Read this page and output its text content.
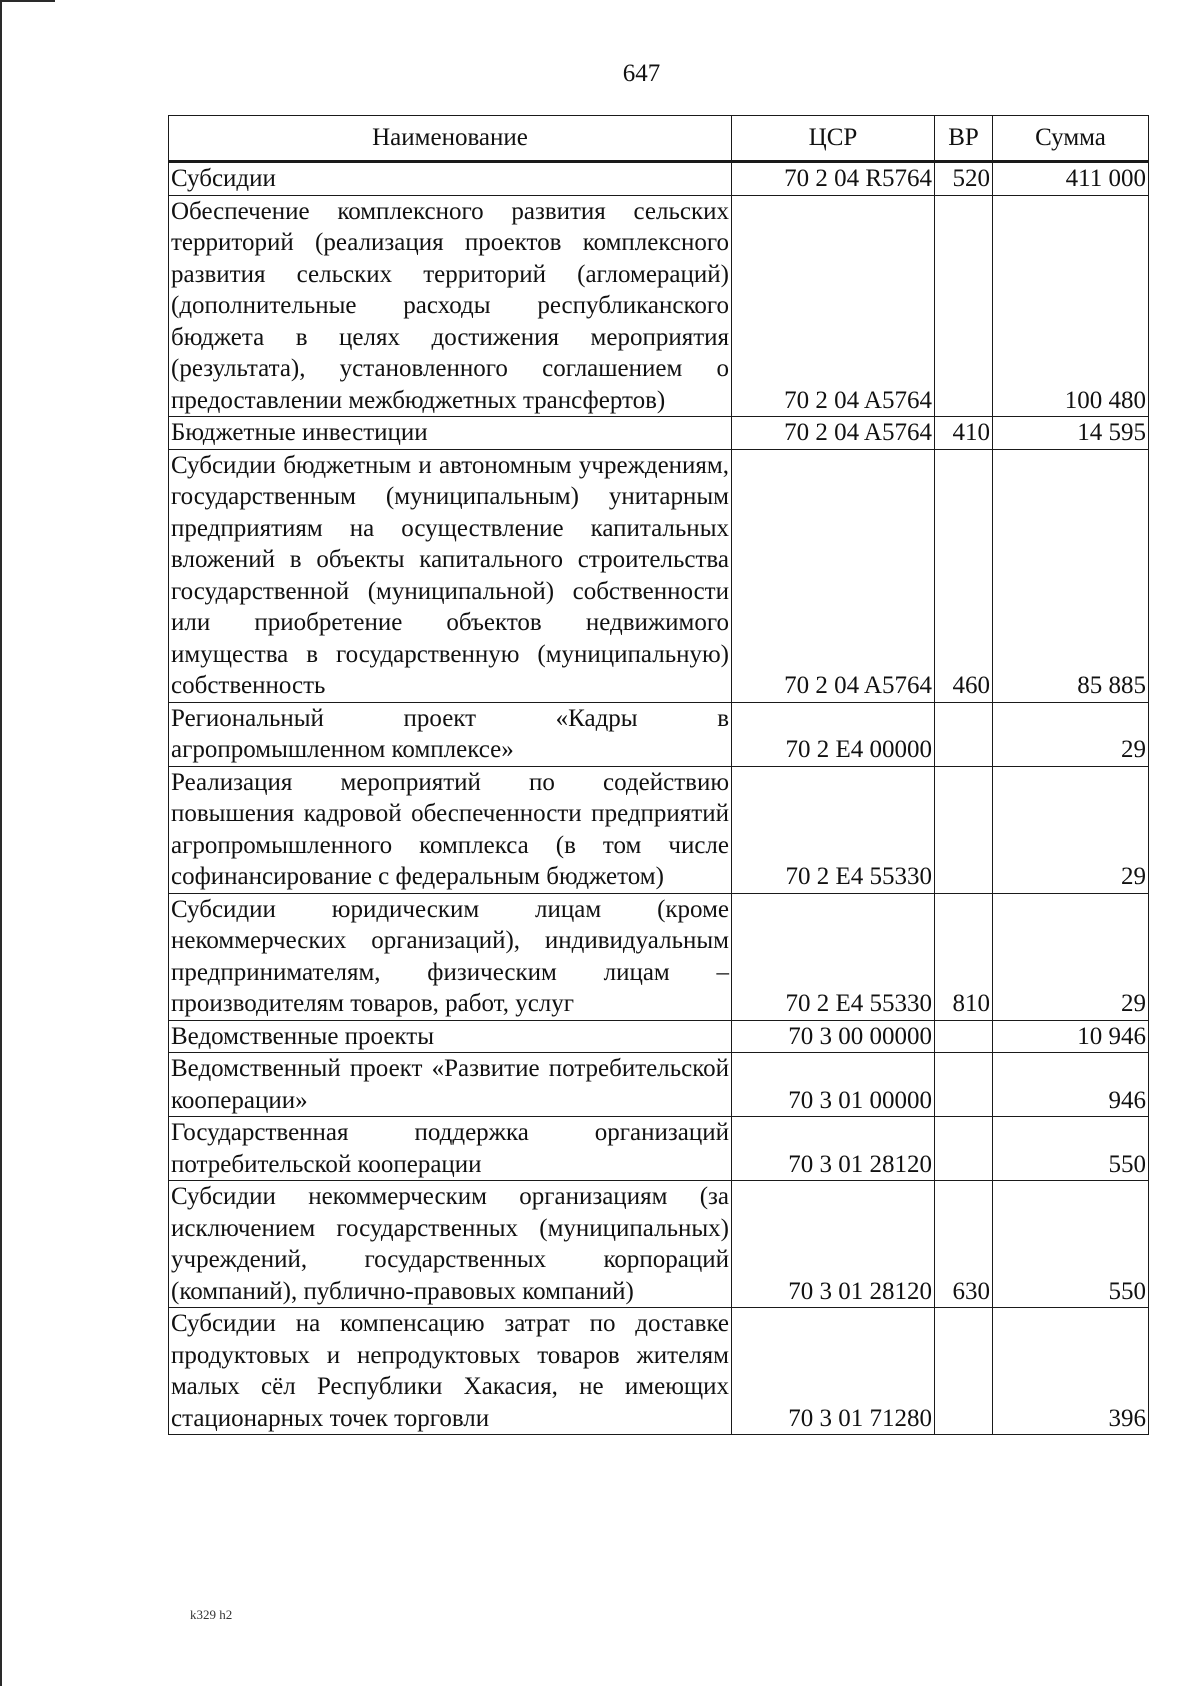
647
Наименование	ЦСР	ВР	Сумма
Субсидии	70 2 04 R5764	520	411 000
Обеспечение комплексного развития сельских территорий (реализация проектов комплексного развития сельских территорий (агломераций) (дополнительные расходы республиканского бюджета в целях достижения мероприятия (результата), установленного соглашением о предоставлении межбюджетных трансфертов)	70 2 04 A5764		100 480
Бюджетные инвестиции	70 2 04 A5764	410	14 595
Субсидии бюджетным и автономным учреждениям, государственным (муниципальным) унитарным предприятиям на осуществление капитальных вложений в объекты капитального строительства государственной (муниципальной) собственности или приобретение объектов недвижимого имущества в государственную (муниципальную) собственность	70 2 04 A5764	460	85 885
Региональный проект «Кадры в агропромышленном комплексе»	70 2 E4 00000		29
Реализация мероприятий по содействию повышения кадровой обеспеченности предприятий агропромышленного комплекса (в том числе софинансирование с федеральным бюджетом)	70 2 E4 55330		29
Субсидии юридическим лицам (кроме некоммерческих организаций), индивидуальным предпринимателям, физическим лицам – производителям товаров, работ, услуг	70 2 E4 55330	810	29
Ведомственные проекты	70 3 00 00000		10 946
Ведомственный проект «Развитие потребительской кооперации»	70 3 01 00000		946
Государственная поддержка организаций потребительской кооперации	70 3 01 28120		550
Субсидии некоммерческим организациям (за исключением государственных (муниципальных) учреждений, государственных корпораций (компаний), публично-правовых компаний)	70 3 01 28120	630	550
Субсидии на компенсацию затрат по доставке продуктовых и непродуктовых товаров жителям малых сёл Республики Хакасия, не имеющих стационарных точек торговли	70 3 01 71280		396
k329 h2
